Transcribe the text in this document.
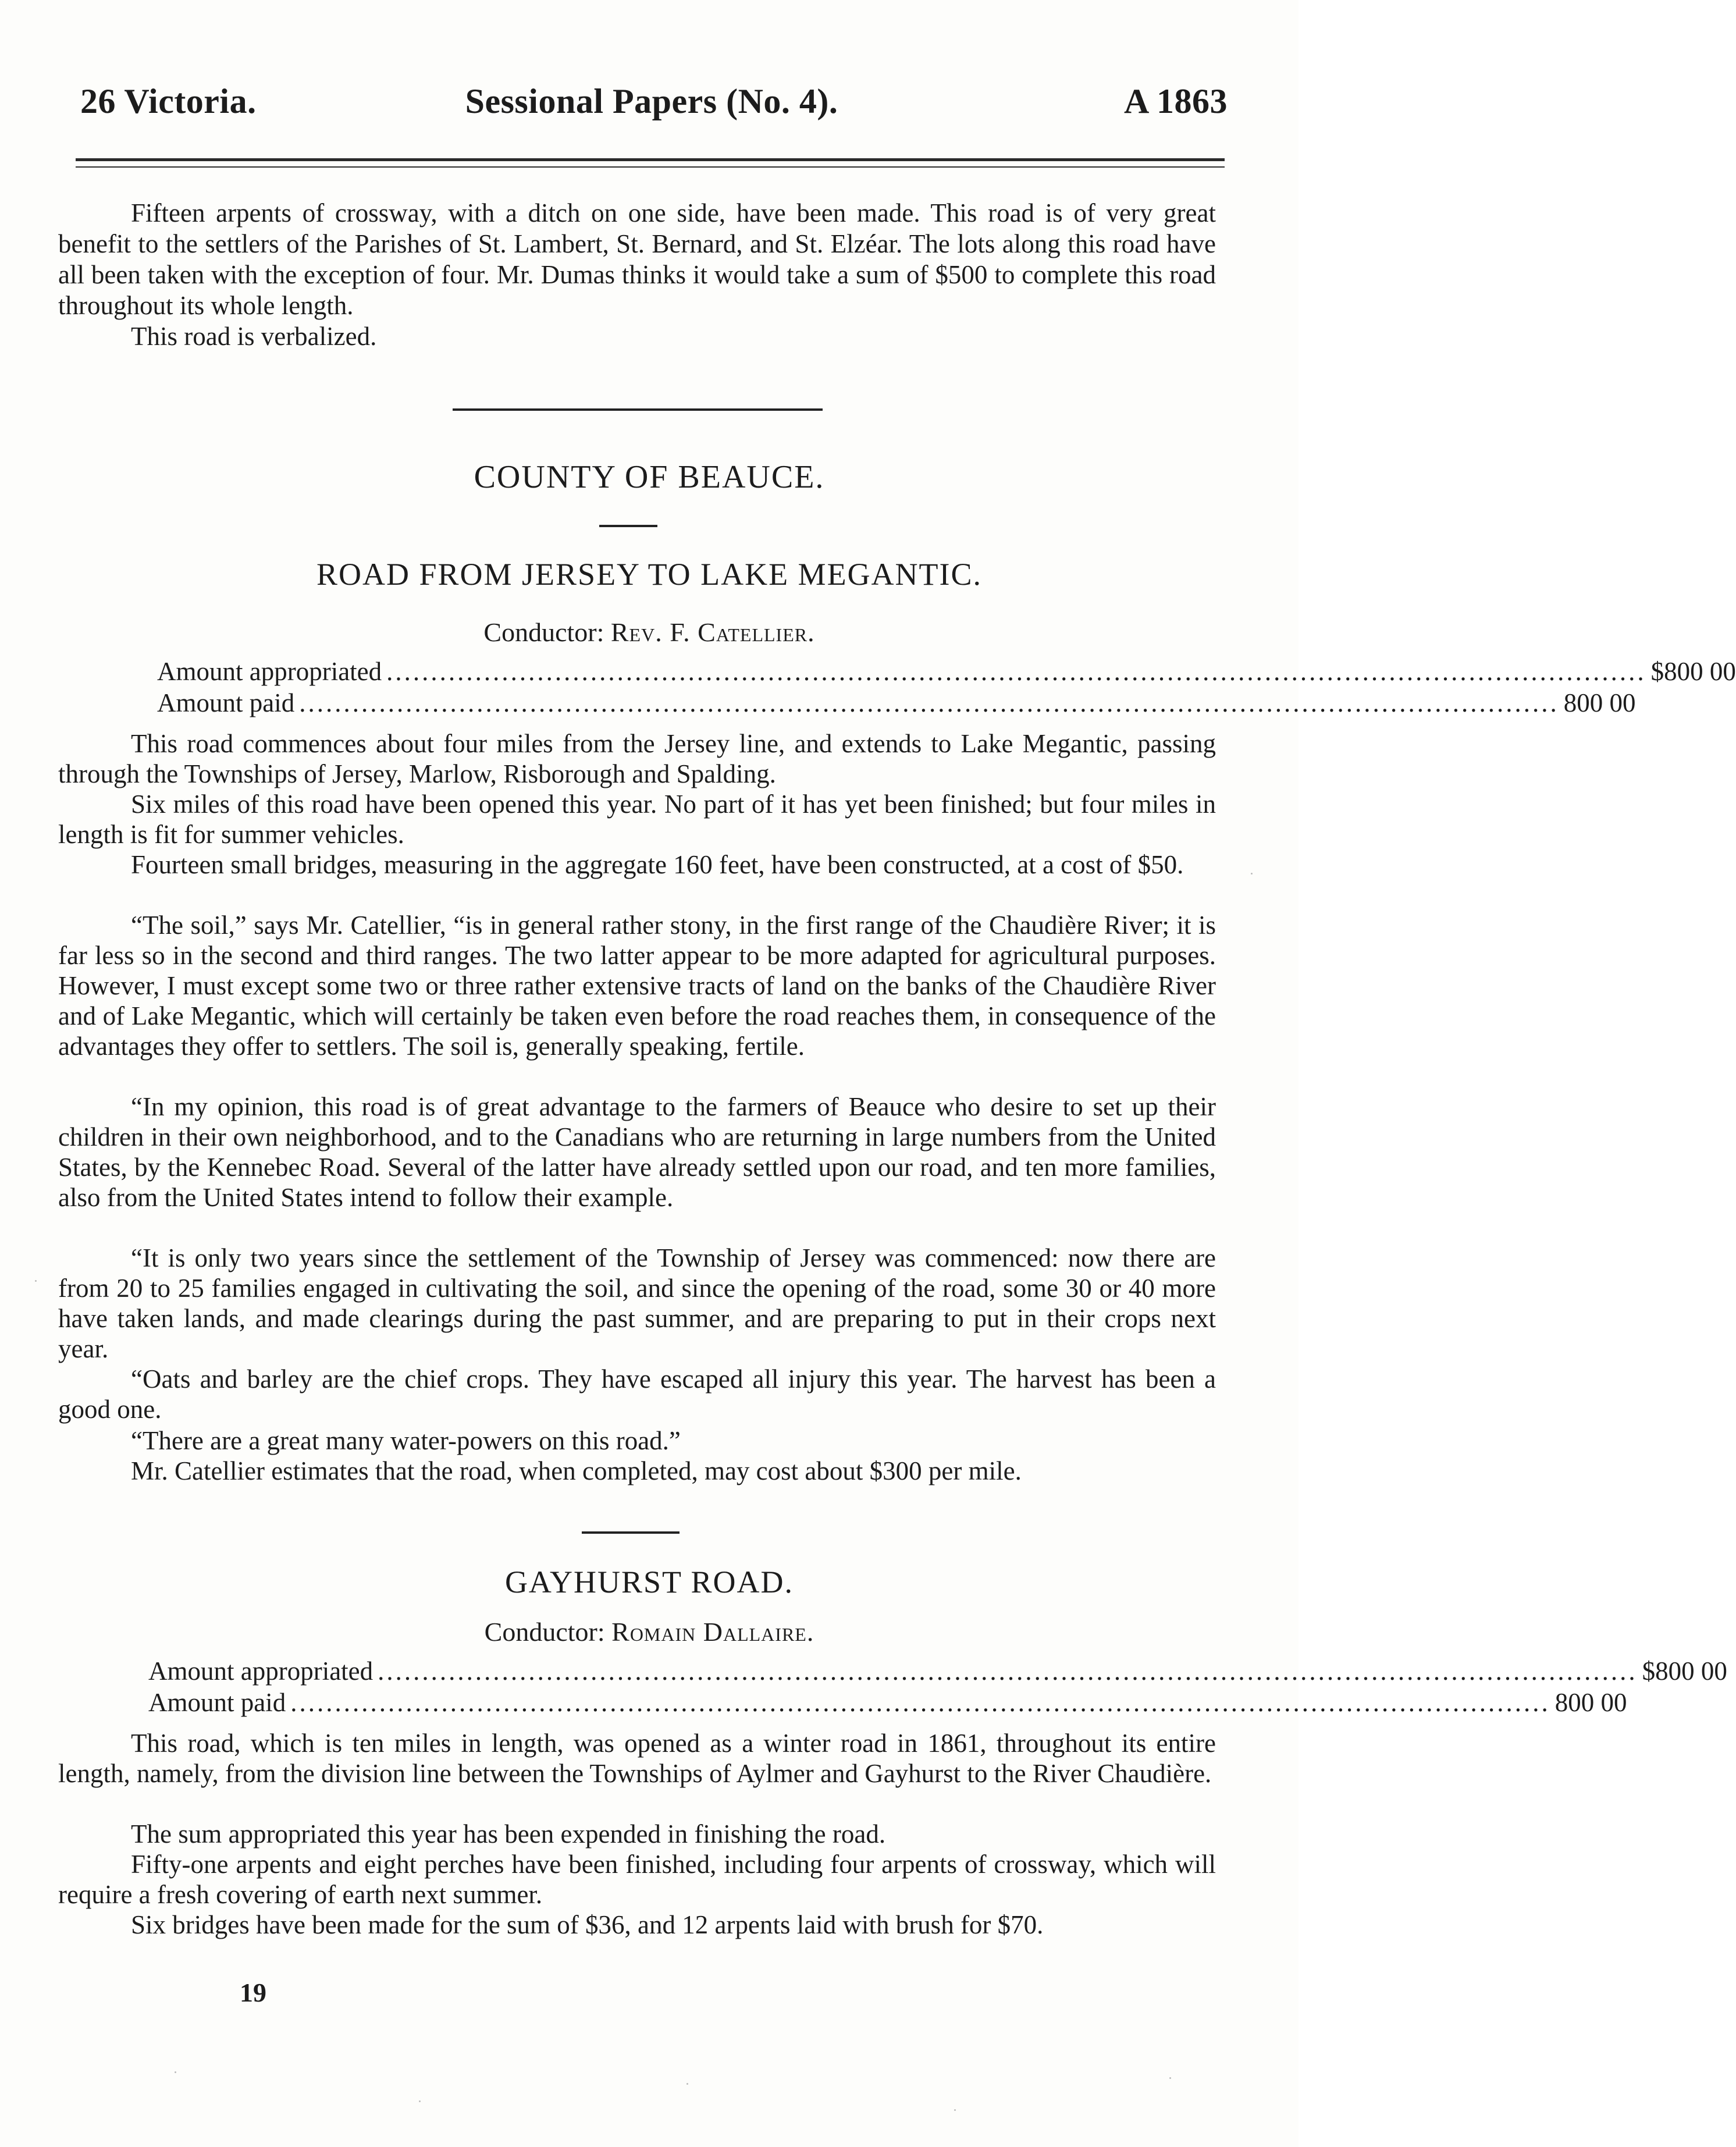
26 Victoria.	Sessional Papers (No. 4).	A 1863

Fifteen arpents of crossway, with a ditch on one side, have been made. This road is of very great benefit to the settlers of the Parishes of St. Lambert, St. Bernard, and St. Elzéar. The lots along this road have all been taken with the exception of four. Mr. Dumas thinks it would take a sum of $500 to complete this road throughout its whole length.

This road is verbalized.

COUNTY OF BEAUCE.

ROAD FROM JERSEY TO LAKE MEGANTIC.

Conductor: Rev. F. Catellier.

Amount appropriated .............................................................................................................................................. $800 00
Amount paid .............................................................................................................................................. 800 00

This road commences about four miles from the Jersey line, and extends to Lake Megantic, passing through the Townships of Jersey, Marlow, Risborough and Spalding.

Six miles of this road have been opened this year. No part of it has yet been finished; but four miles in length is fit for summer vehicles.

Fourteen small bridges, measuring in the aggregate 160 feet, have been constructed, at a cost of $50.

“The soil,” says Mr. Catellier, “is in general rather stony, in the first range of the Chaudière River; it is far less so in the second and third ranges. The two latter appear to be more adapted for agricultural purposes. However, I must except some two or three rather extensive tracts of land on the banks of the Chaudière River and of Lake Megantic, which will certainly be taken even before the road reaches them, in consequence of the advantages they offer to settlers. The soil is, generally speaking, fertile.

“In my opinion, this road is of great advantage to the farmers of Beauce who desire to set up their children in their own neighborhood, and to the Canadians who are returning in large numbers from the United States, by the Kennebec Road. Several of the latter have already settled upon our road, and ten more families, also from the United States intend to follow their example.

“It is only two years since the settlement of the Township of Jersey was commenced: now there are from 20 to 25 families engaged in cultivating the soil, and since the opening of the road, some 30 or 40 more have taken lands, and made clearings during the past summer, and are preparing to put in their crops next year.

“Oats and barley are the chief crops. They have escaped all injury this year. The harvest has been a good one.

“There are a great many water-powers on this road.”

Mr. Catellier estimates that the road, when completed, may cost about $300 per mile.

GAYHURST ROAD.

Conductor: Romain Dallaire.

Amount appropriated .............................................................................................................................................. $800 00
Amount paid .............................................................................................................................................. 800 00

This road, which is ten miles in length, was opened as a winter road in 1861, throughout its entire length, namely, from the division line between the Townships of Aylmer and Gayhurst to the River Chaudière.

The sum appropriated this year has been expended in finishing the road.

Fifty-one arpents and eight perches have been finished, including four arpents of crossway, which will require a fresh covering of earth next summer.

Six bridges have been made for the sum of $36, and 12 arpents laid with brush for $70.

19
